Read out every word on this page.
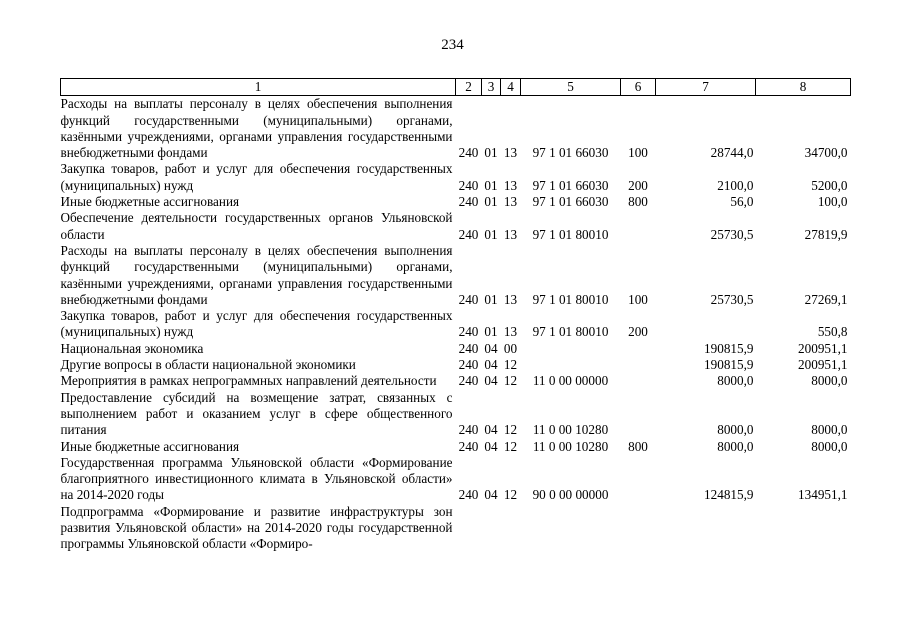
234
1	2	3	4	5	6	7	8
Расходы на выплаты персоналу в целях обеспечения выполнения функций государственными (муниципальными) органами, казёнными учреждениями, органами управления государственными внебюджетными фондами	240	01	13	97 1 01 66030	100	28744,0	34700,0
Закупка товаров, работ и услуг для обеспечения государственных (муниципальных) нужд	240	01	13	97 1 01 66030	200	2100,0	5200,0
Иные бюджетные ассигнования	240	01	13	97 1 01 66030	800	56,0	100,0
Обеспечение деятельности государственных органов Ульяновской области	240	01	13	97 1 01 80010		25730,5	27819,9
Расходы на выплаты персоналу в целях обеспечения выполнения функций государственными (муниципальными) органами, казёнными учреждениями, органами управления государственными внебюджетными фондами	240	01	13	97 1 01 80010	100	25730,5	27269,1
Закупка товаров, работ и услуг для обеспечения государственных (муниципальных) нужд	240	01	13	97 1 01 80010	200		550,8
Национальная экономика	240	04	00			190815,9	200951,1
Другие вопросы в области национальной экономики	240	04	12			190815,9	200951,1
Мероприятия в рамках непрограммных направлений деятельности	240	04	12	11 0 00 00000		8000,0	8000,0
Предоставление субсидий на возмещение затрат, связанных с выполнением работ и оказанием услуг в сфере общественного питания	240	04	12	11 0 00 10280		8000,0	8000,0
Иные бюджетные ассигнования	240	04	12	11 0 00 10280	800	8000,0	8000,0
Государственная программа Ульяновской области «Формирование благоприятного инвестиционного климата в Ульяновской области» на 2014-2020 годы	240	04	12	90 0 00 00000		124815,9	134951,1
Подпрограмма «Формирование и развитие инфраструктуры зон развития Ульяновской области» на 2014-2020 годы государственной программы Ульяновской области «Формиро-							
